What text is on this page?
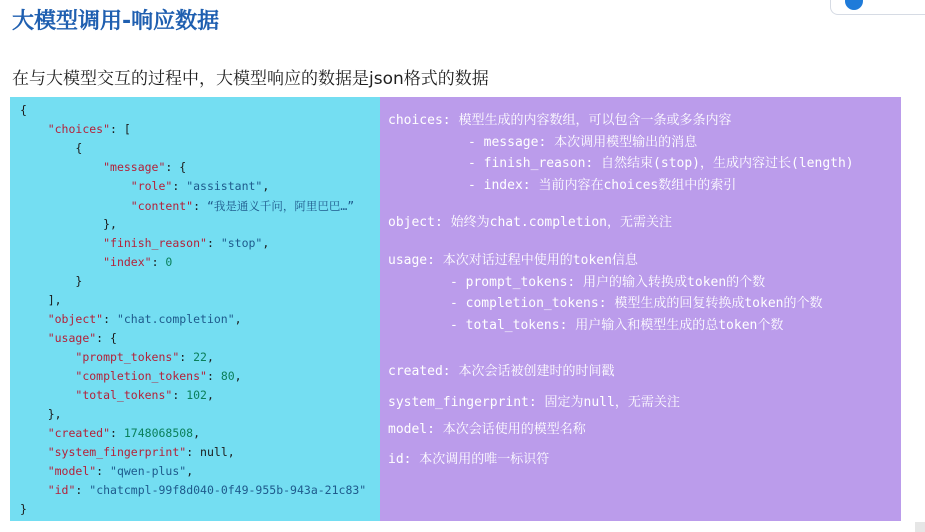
大模型调用-响应数据
在与大模型交互的过程中，大模型响应的数据是json格式的数据
{
"choices": [
{
"message": {
"role": "assistant",
"content": “我是通义千问，阿里巴巴…”
},
"finish_reason": "stop",
"index": 0
}
],
"object": "chat.completion",
"usage": {
"prompt_tokens": 22,
"completion_tokens": 80,
"total_tokens": 102,
},
"created": 1748068508,
"system_fingerprint": null,
"model": "qwen-plus",
"id": "chatcmpl-99f8d040-0f49-955b-943a-21c83"
}
choices: 模型生成的内容数组，可以包含一条或多条内容
- message: 本次调用模型输出的消息
- finish_reason: 自然结束(stop)，生成内容过长(length)
- index: 当前内容在choices数组中的索引
object: 始终为chat.completion，无需关注
usage: 本次对话过程中使用的token信息
- prompt_tokens: 用户的输入转换成token的个数
- completion_tokens: 模型生成的回复转换成token的个数
- total_tokens: 用户输入和模型生成的总token个数
created: 本次会话被创建时的时间戳
system_fingerprint: 固定为null，无需关注
model: 本次会话使用的模型名称
id: 本次调用的唯一标识符
